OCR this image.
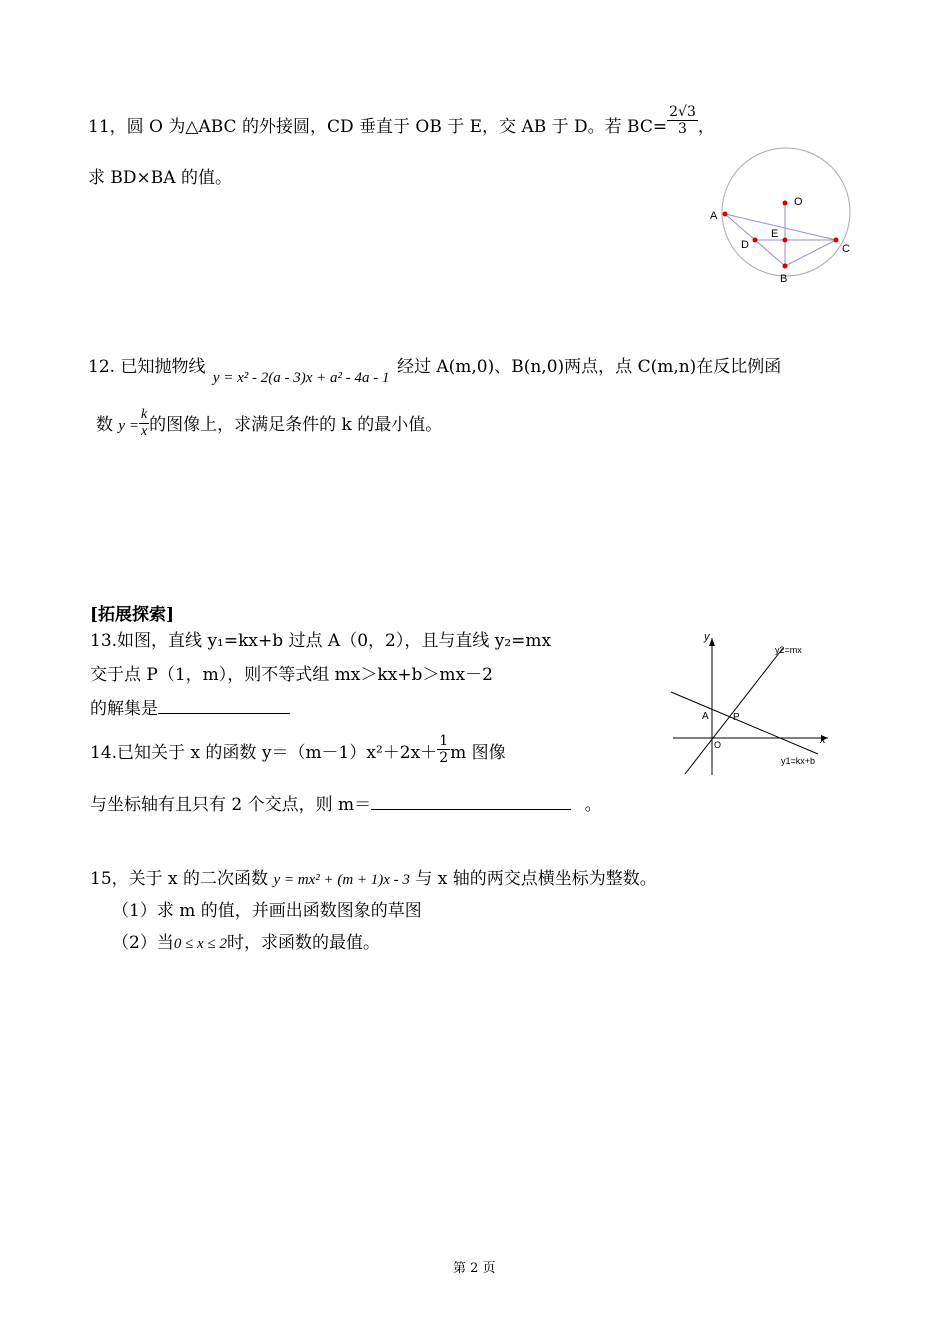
11，圆 O 为△ABC 的外接圆，CD 垂直于 OB 于 E，交 AB 于 D。若 $BC= \frac{2√3}{3}$ ，
求 BD×BA 的值。
O
A
E
D	C
B
12. 已知抛物线 y = x² - 2(a - 3)x + a² - 4a - 1 经过 A(m,0)、B(n,0)两点，点 C(m,n)在反比例函
数 $y = \frac{k}{x}$ 的图像上，求满足条件的 k 的最小值。
[拓展探索]
13.如图，直线 y₁=kx+b 过点 A（0，2），且与直线 y₂=mx
交于点 P（1，m），则不等式组 mx＞kx+b＞mx－2
的解集是
y
x
A P
O
y2=mx
y1=kx+b
14.已知关于 x 的函数 $y=(m-1)x^2+2x+ \frac{1}{2}$ m 图像
与坐标轴有且只有 2 个交点，则 m＝	。
15，关于 x 的二次函数 y = mx² + (m + 1)x - 3 与 x 轴的两交点横坐标为整数。
（1）求 m 的值，并画出函数图象的草图
（2）当0 ≤ x ≤ 2时，求函数的最值。
第 2 页
